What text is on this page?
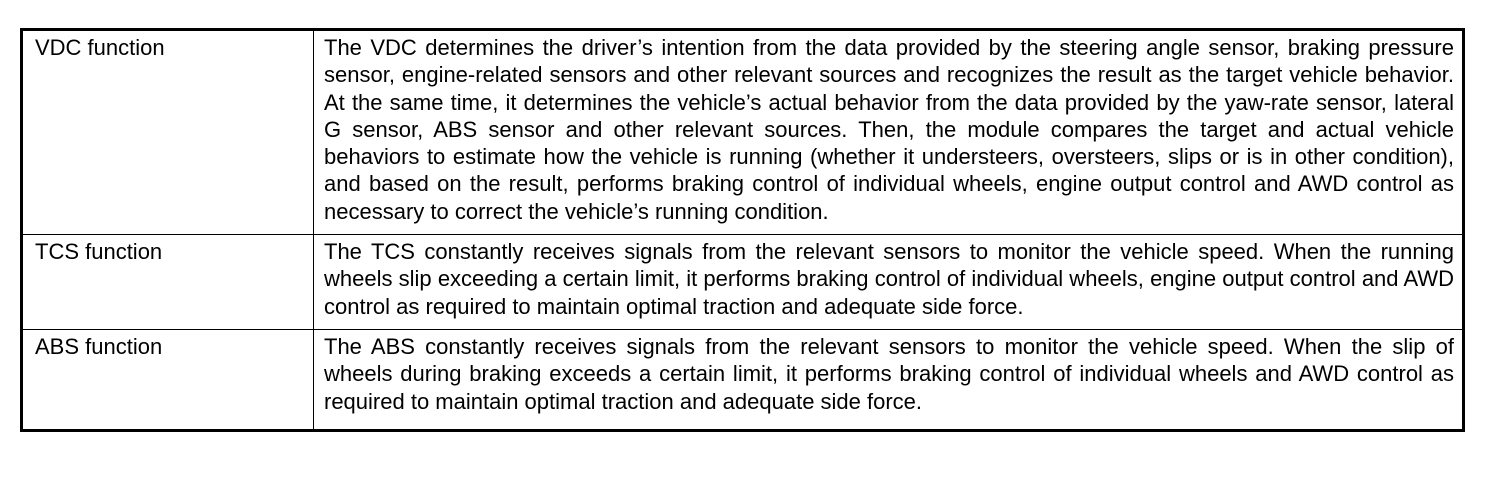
VDC function	The VDC determines the driver’s intention from the data provided by the steering angle sensor, braking pressure sensor, engine-related sensors and other relevant sources and recognizes the result as the target vehicle behavior. At the same time, it determines the vehicle’s actual behavior from the data provided by the yaw-rate sensor, lateral G sensor, ABS sensor and other relevant sources. Then, the module compares the target and actual vehicle behaviors to estimate how the vehicle is running (whether it understeers, oversteers, slips or is in other condition), and based on the result, performs braking control of individual wheels, engine output control and AWD control as necessary to correct the vehicle’s running condition.
TCS function	The TCS constantly receives signals from the relevant sensors to monitor the vehicle speed. When the running wheels slip exceeding a certain limit, it performs braking control of individual wheels, engine output control and AWD control as required to maintain optimal traction and adequate side force.
ABS function	The ABS constantly receives signals from the relevant sensors to monitor the vehicle speed. When the slip of wheels during braking exceeds a certain limit, it performs braking control of individual wheels and AWD control as required to maintain optimal traction and adequate side force.
